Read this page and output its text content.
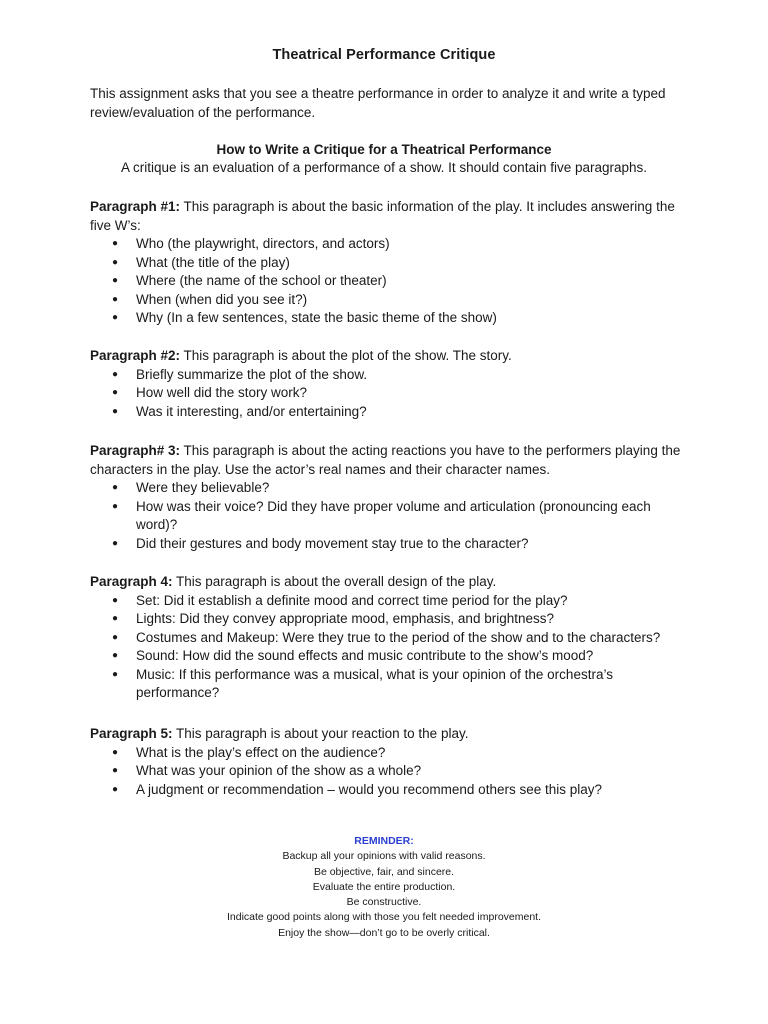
Theatrical Performance Critique
This assignment asks that you see a theatre performance in order to analyze it and write a typed review/evaluation of the performance.
How to Write a Critique for a Theatrical Performance
A critique is an evaluation of a performance of a show. It should contain five paragraphs.
Paragraph #1: This paragraph is about the basic information of the play. It includes answering the five W’s:
● Who (the playwright, directors, and actors)
● What (the title of the play)
● Where (the name of the school or theater)
● When (when did you see it?)
● Why (In a few sentences, state the basic theme of the show)
Paragraph #2: This paragraph is about the plot of the show. The story.
● Briefly summarize the plot of the show.
● How well did the story work?
● Was it interesting, and/or entertaining?
Paragraph# 3: This paragraph is about the acting reactions you have to the performers playing the characters in the play. Use the actor’s real names and their character names.
● Were they believable?
● How was their voice? Did they have proper volume and articulation (pronouncing each word)?
● Did their gestures and body movement stay true to the character?
Paragraph 4: This paragraph is about the overall design of the play.
● Set: Did it establish a definite mood and correct time period for the play?
● Lights: Did they convey appropriate mood, emphasis, and brightness?
● Costumes and Makeup: Were they true to the period of the show and to the characters?
● Sound: How did the sound effects and music contribute to the show’s mood?
● Music: If this performance was a musical, what is your opinion of the orchestra’s performance?
Paragraph 5: This paragraph is about your reaction to the play.
● What is the play’s effect on the audience?
● What was your opinion of the show as a whole?
● A judgment or recommendation – would you recommend others see this play?
REMINDER:
Backup all your opinions with valid reasons.
Be objective, fair, and sincere.
Evaluate the entire production.
Be constructive.
Indicate good points along with those you felt needed improvement.
Enjoy the show—don’t go to be overly critical.
